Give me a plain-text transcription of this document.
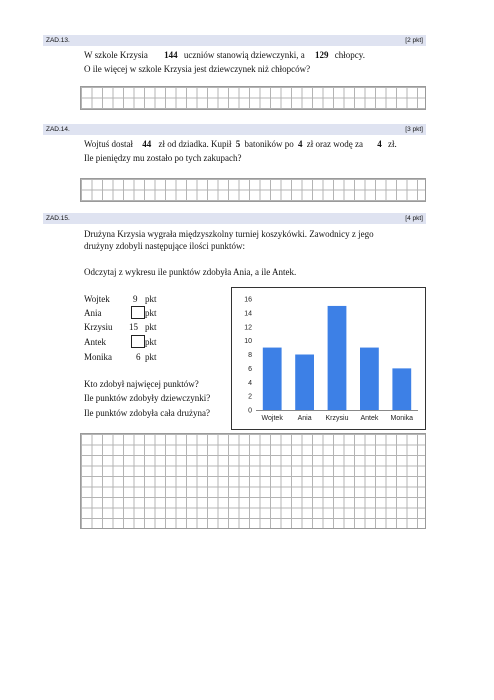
ZAD.13.	[2 pkt]
W szkole Krzysia 144 uczniów stanowią dziewczynki, a 129 chłopcy.
O ile więcej w szkole Krzysia jest dziewczynek niż chłopców?
ZAD.14.	[3 pkt]
Wojtuś dostał 44 zł od dziadka. Kupił 5 batoników po 4 zł oraz wodę za 4 zł.
Ile pieniędzy mu zostało po tych zakupach?
ZAD.15.	[4 pkt]
Drużyna Krzysia wygrała międzyszkolny turniej koszykówki. Zawodnicy z jego
drużyny zdobyli następujące ilości punktów:
Odczytaj z wykresu ile punktów zdobyła Ania, a ile Antek.
Wojtek	9 pkt
Ania	pkt
Krzysiu 15 pkt
Antek	pkt
Monika	6 pkt
Kto zdobył najwięcej punktów?
Ile punktów zdobyły dziewczynki?
Ile punktów zdobyła cała drużyna?	0
2
4
6
8
10
12
14
16
Wojtek Ania Krzysiu Antek Monika
